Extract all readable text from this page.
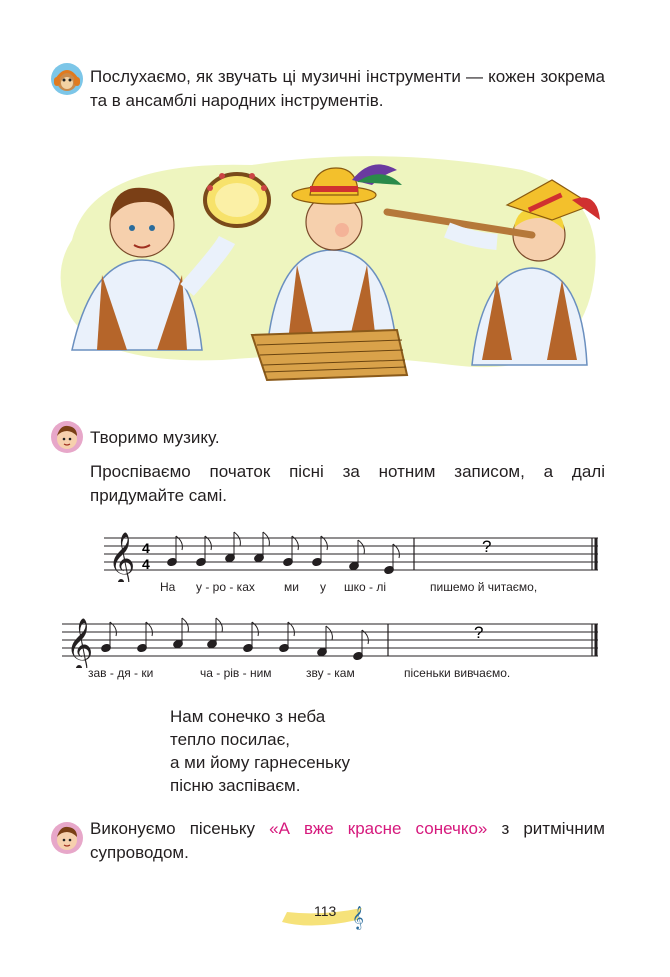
Послухаємо, як звучать ці музичні інструменти — кожен зокрема та в ансамблі народних інструментів.
Творимо музику.
Проспіваємо початок пісні за нотним записом, а далі придумайте самі.
𝄞 4
4
?
На у - ро - ках ми у шко - лі	пишемо й читаємо,
𝄞	?
зав - дя - ки	ча - рів - ним	зву - кам	пісеньки вивчаємо.
Нам сонечко з неба
тепло посилає,
а ми йому гарнесеньку
пісню заспіваєм.
Виконуємо пісеньку «А вже красне сонечко» з ритмічним супроводом.
𝄞
113
